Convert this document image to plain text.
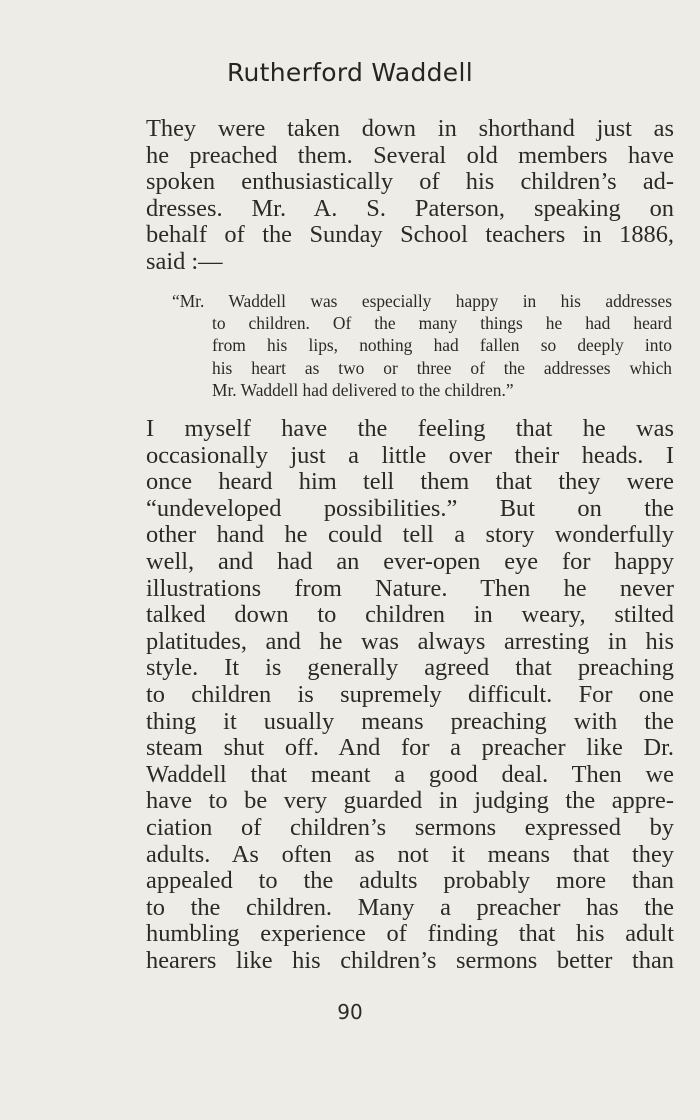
Rutherford Waddell
They were taken down in shorthand just as
he preached them. Several old members have
spoken enthusiastically of his children’s ad-
dresses. Mr. A. S. Paterson, speaking on
behalf of the Sunday School teachers in 1886,
said :—
“Mr. Waddell was especially happy in his addresses
to children. Of the many things he had heard
from his lips, nothing had fallen so deeply into
his heart as two or three of the addresses which
Mr. Waddell had delivered to the children.”
I myself have the feeling that he was
occasionally just a little over their heads. I
once heard him tell them that they were
“undeveloped possibilities.” But on the
other hand he could tell a story wonderfully
well, and had an ever-open eye for happy
illustrations from Nature. Then he never
talked down to children in weary, stilted
platitudes, and he was always arresting in his
style. It is generally agreed that preaching
to children is supremely difficult. For one
thing it usually means preaching with the
steam shut off. And for a preacher like Dr.
Waddell that meant a good deal. Then we
have to be very guarded in judging the appre-
ciation of children’s sermons expressed by
adults. As often as not it means that they
appealed to the adults probably more than
to the children. Many a preacher has the
humbling experience of finding that his adult
hearers like his children’s sermons better than
90
